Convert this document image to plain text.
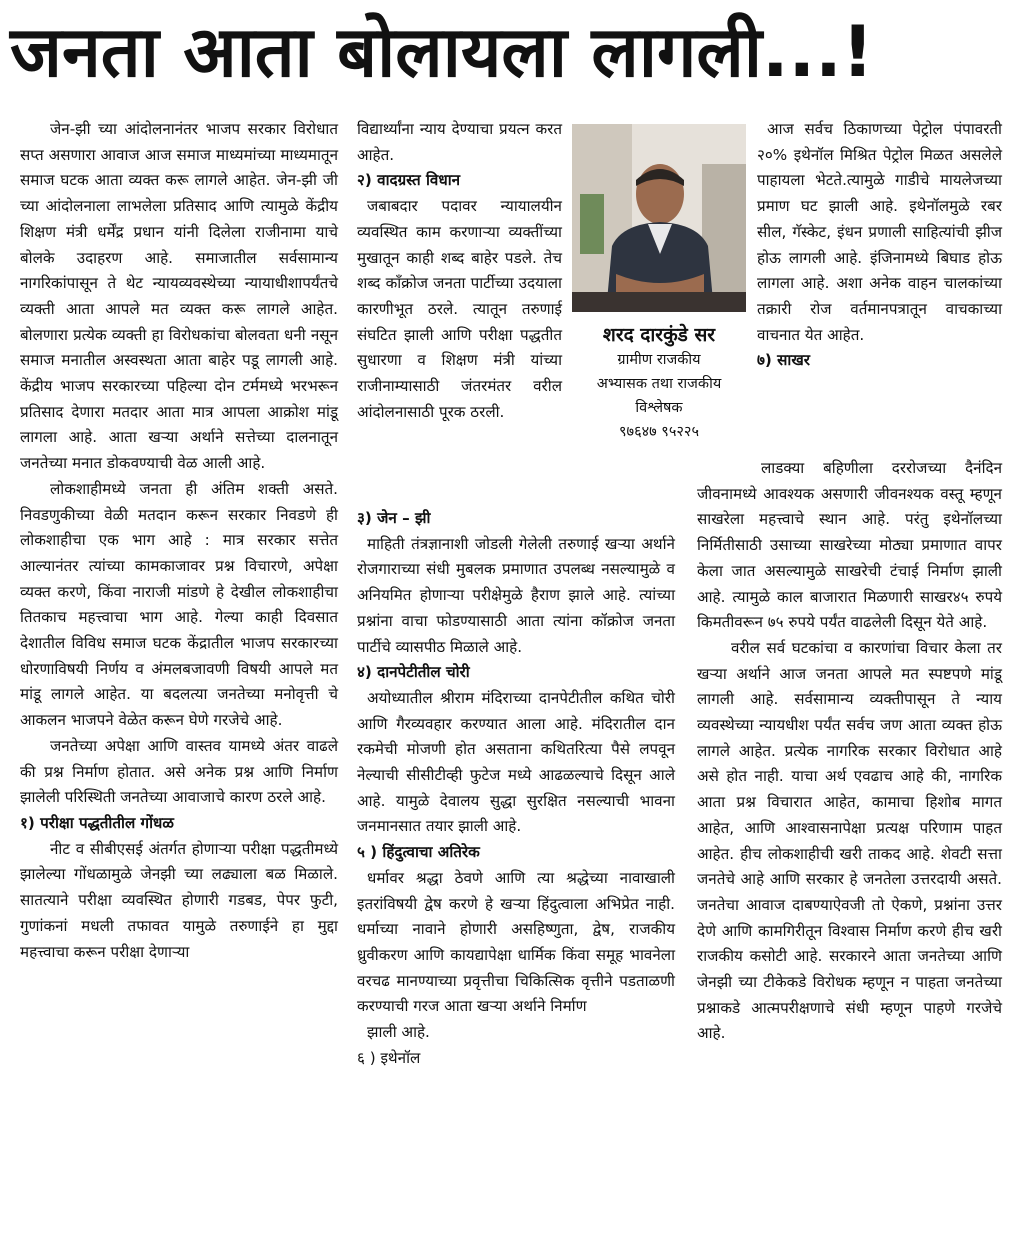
जनता आता बोलायला लागली...!

जेन-झी च्या आंदोलनानंतर भाजप सरकार विरोधात सप्त असणारा आवाज आज समाज माध्यमांच्या माध्यमातून समाज घटक आता व्यक्त करू लागले आहेत. जेन-झी जी च्या आंदोलनाला लाभलेला प्रतिसाद आणि त्यामुळे केंद्रीय शिक्षण मंत्री धर्मेंद्र प्रधान यांनी दिलेला राजीनामा याचे बोलके उदाहरण आहे. समाजातील सर्वसामान्य नागरिकांपासून ते थेट न्यायव्यवस्थेच्या न्यायाधीशापर्यंतचे व्यक्ती आता आपले मत व्यक्त करू लागले आहेत. बोलणारा प्रत्येक व्यक्ती हा विरोधकांचा बोलवता धनी नसून समाज मनातील अस्वस्थता आता बाहेर पडू लागली आहे. केंद्रीय भाजप सरकारच्या पहिल्या दोन टर्ममध्ये भरभरून प्रतिसाद देणारा मतदार आता मात्र आपला आक्रोश मांडू लागला आहे. आता खऱ्या अर्थाने सत्तेच्या दालनातून जनतेच्या मनात डोकवण्याची वेळ आली आहे.

लोकशाहीमध्ये जनता ही अंतिम शक्ती असते. निवडणुकीच्या वेळी मतदान करून सरकार निवडणे ही लोकशाहीचा एक भाग आहे : मात्र सरकार सत्तेत आल्यानंतर त्यांच्या कामकाजावर प्रश्न विचारणे, अपेक्षा व्यक्त करणे, किंवा नाराजी मांडणे हे देखील लोकशाहीचा तितकाच महत्त्वाचा भाग आहे. गेल्या काही दिवसात देशातील विविध समाज घटक केंद्रातील भाजप सरकारच्या धोरणाविषयी निर्णय व अंमलबजावणी विषयी आपले मत मांडू लागले आहेत. या बदलत्या जनतेच्या मनोवृत्ती चे आकलन भाजपने वेळेत करून घेणे गरजेचे आहे.

जनतेच्या अपेक्षा आणि वास्तव यामध्ये अंतर वाढले की प्रश्न निर्माण होतात. असे अनेक प्रश्न आणि निर्माण झालेली परिस्थिती जनतेच्या आवाजाचे कारण ठरले आहे.

१) परीक्षा पद्धतीतील गोंधळ

नीट व सीबीएसई अंतर्गत होणाऱ्या परीक्षा पद्धतीमध्ये झालेल्या गोंधळामुळे जेनझी च्या लढ्याला बळ मिळाले. सातत्याने परीक्षा व्यवस्थित होणारी गडबड, पेपर फुटी, गुणांकनां मधली तफावत यामुळे तरुणाईने हा मुद्दा महत्त्वाचा करून परीक्षा देणाऱ्या

विद्यार्थ्यांना न्याय देण्याचा प्रयत्न करत आहेत.

२) वादग्रस्त विधान

जबाबदार पदावर न्यायालयीन व्यवस्थित काम करणाऱ्या व्यक्तींच्या मुखातून काही शब्द बाहेर पडले. तेच शब्द कॉंक्रोज जनता पार्टीच्या उदयाला कारणीभूत ठरले. त्यातून तरुणाई संघटित झाली आणि परीक्षा पद्धतीत सुधारणा व शिक्षण मंत्री यांच्या राजीनाम्यासाठी जंतरमंतर वरील आंदोलनासाठी पूरक ठरली.

३) जेन – झी

माहिती तंत्रज्ञानाशी जोडली गेलेली तरुणाई खऱ्या अर्थाने रोजगाराच्या संधी मुबलक प्रमाणात उपलब्ध नसल्यामुळे व अनियमित होणाऱ्या परीक्षेमुळे हैराण झाले आहे. त्यांच्या प्रश्नांना वाचा फोडण्यासाठी आता त्यांना कॉक्रोज जनता पार्टीचे व्यासपीठ मिळाले आहे.

४) दानपेटीतील चोरी

अयोध्यातील श्रीराम मंदिराच्या दानपेटीतील कथित चोरी आणि गैरव्यवहार करण्यात आला आहे. मंदिरातील दान रकमेची मोजणी होत असताना कथितरित्या पैसे लपवून नेल्याची सीसीटीव्ही फुटेज मध्ये आढळल्याचे दिसून आले आहे. यामुळे देवालय सुद्धा सुरक्षित नसल्याची भावना जनमानसात तयार झाली आहे.

५ ) हिंदुत्वाचा अतिरेक

धर्मावर श्रद्धा ठेवणे आणि त्या श्रद्धेच्या नावाखाली इतरांविषयी द्वेष करणे हे खऱ्या हिंदुत्वाला अभिप्रेत नाही. धर्माच्या नावाने होणारी असहिष्णुता, द्वेष, राजकीय ध्रुवीकरण आणि कायद्यापेक्षा धार्मिक किंवा समूह भावनेला वरचढ मानण्याच्या प्रवृत्तीचा चिकित्सिक वृत्तीने पडताळणी करण्याची गरज आता खऱ्या अर्थाने निर्माण

झाली आहे.

६ ) इथेनॉल

शरद दारकुंडे सर
ग्रामीण राजकीय
अभ्यासक तथा राजकीय
विश्लेषक
९७६४७ ९५२२५

आज सर्वच ठिकाणच्या पेट्रोल पंपावरती २०% इथेनॉल मिश्रित पेट्रोल मिळत असलेले पाहायला भेटते.त्यामुळे गाडीचे मायलेजच्या प्रमाण घट झाली आहे. इथेनॉलमुळे रबर सील, गॅस्केट, इंधन प्रणाली साहित्यांची झीज होऊ लागली आहे. इंजिनामध्ये बिघाड होऊ लागला आहे. अशा अनेक वाहन चालकांच्या तक्रारी रोज वर्तमानपत्रातून वाचकाच्या वाचनात येत आहेत.

७) साखर

लाडक्या बहिणीला दररोजच्या दैनंदिन जीवनामध्ये आवश्यक असणारी जीवनश्यक वस्तू म्हणून साखरेला महत्त्वाचे स्थान आहे. परंतु इथेनॉलच्या निर्मितीसाठी उसाच्या साखरेच्या मोठ्या प्रमाणात वापर केला जात असल्यामुळे साखरेची टंचाई निर्माण झाली आहे. त्यामुळे काल बाजारात मिळणारी साखर४५ रुपये किमतीवरून ७५ रुपये पर्यंत वाढलेली दिसून येते आहे.

वरील सर्व घटकांचा व कारणांचा विचार केला तर खऱ्या अर्थाने आज जनता आपले मत स्पष्टपणे मांडू लागली आहे. सर्वसामान्य व्यक्तीपासून ते न्याय व्यवस्थेच्या न्यायधीश पर्यंत सर्वच जण आता व्यक्त होऊ लागले आहेत. प्रत्येक नागरिक सरकार विरोधात आहे असे होत नाही. याचा अर्थ एवढाच आहे की, नागरिक आता प्रश्न विचारात आहेत, कामाचा हिशोब मागत आहेत, आणि आश्वासनापेक्षा प्रत्यक्ष परिणाम पाहत आहेत. हीच लोकशाहीची खरी ताकद आहे. शेवटी सत्ता जनतेचे आहे आणि सरकार हे जनतेला उत्तरदायी असते. जनतेचा आवाज दाबण्याऐवजी तो ऐकणे, प्रश्नांना उत्तर देणे आणि कामगिरीतून विश्वास निर्माण करणे हीच खरी राजकीय कसोटी आहे. सरकारने आता जनतेच्या आणि जेनझी च्या टीकेकडे विरोधक म्हणून न पाहता जनतेच्या प्रश्नाकडे आत्मपरीक्षणाचे संधी म्हणून पाहणे गरजेचे आहे.
